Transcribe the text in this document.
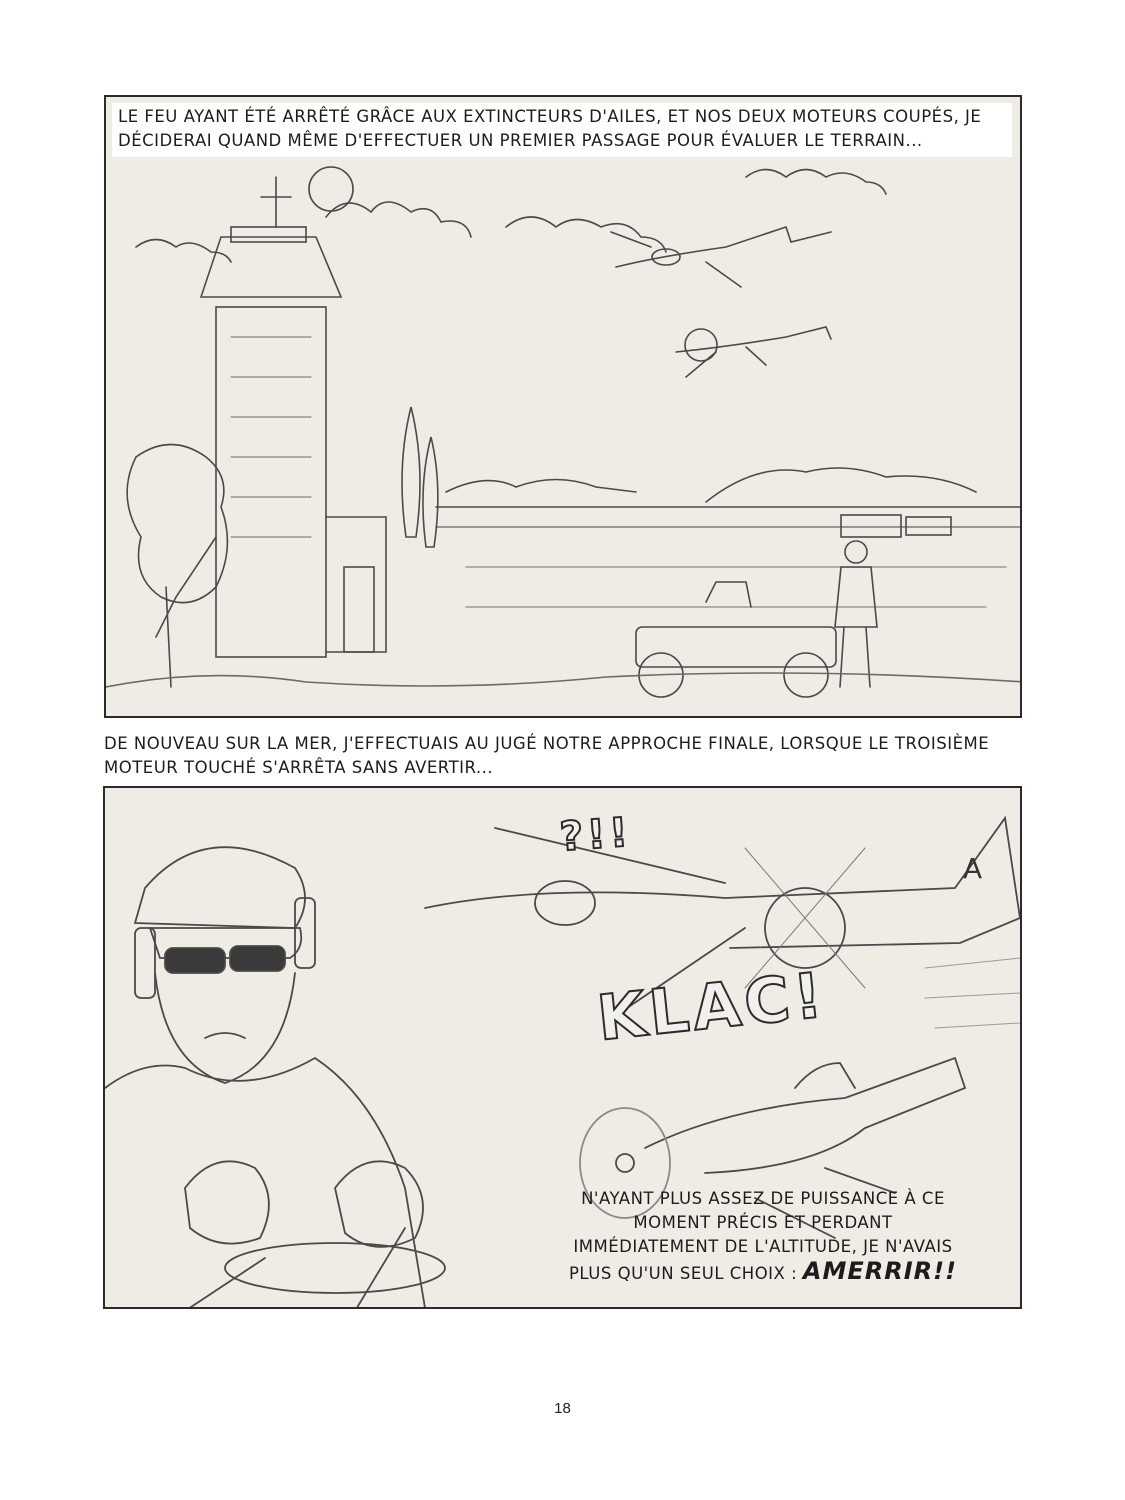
LE FEU AYANT ÉTÉ ARRÊTÉ GRÂCE AUX EXTINCTEURS D'AILES, ET NOS DEUX MOTEURS COUPÉS, JE DÉCIDERAI QUAND MÊME D'EFFECTUER UN PREMIER PASSAGE POUR ÉVALUER LE TERRAIN...
DE NOUVEAU SUR LA MER, J'EFFECTUAIS AU JUGÉ NOTRE APPROCHE FINALE, LORSQUE LE TROISIÈME MOTEUR TOUCHÉ S'ARRÊTA SANS AVERTIR...
A
?!!
KLAC!
N'AYANT PLUS ASSEZ DE PUISSANCE À CE MOMENT PRÉCIS ET PERDANT IMMÉDIATEMENT DE L'ALTITUDE, JE N'AVAIS PLUS QU'UN SEUL CHOIX : AMERRIR!!
18
